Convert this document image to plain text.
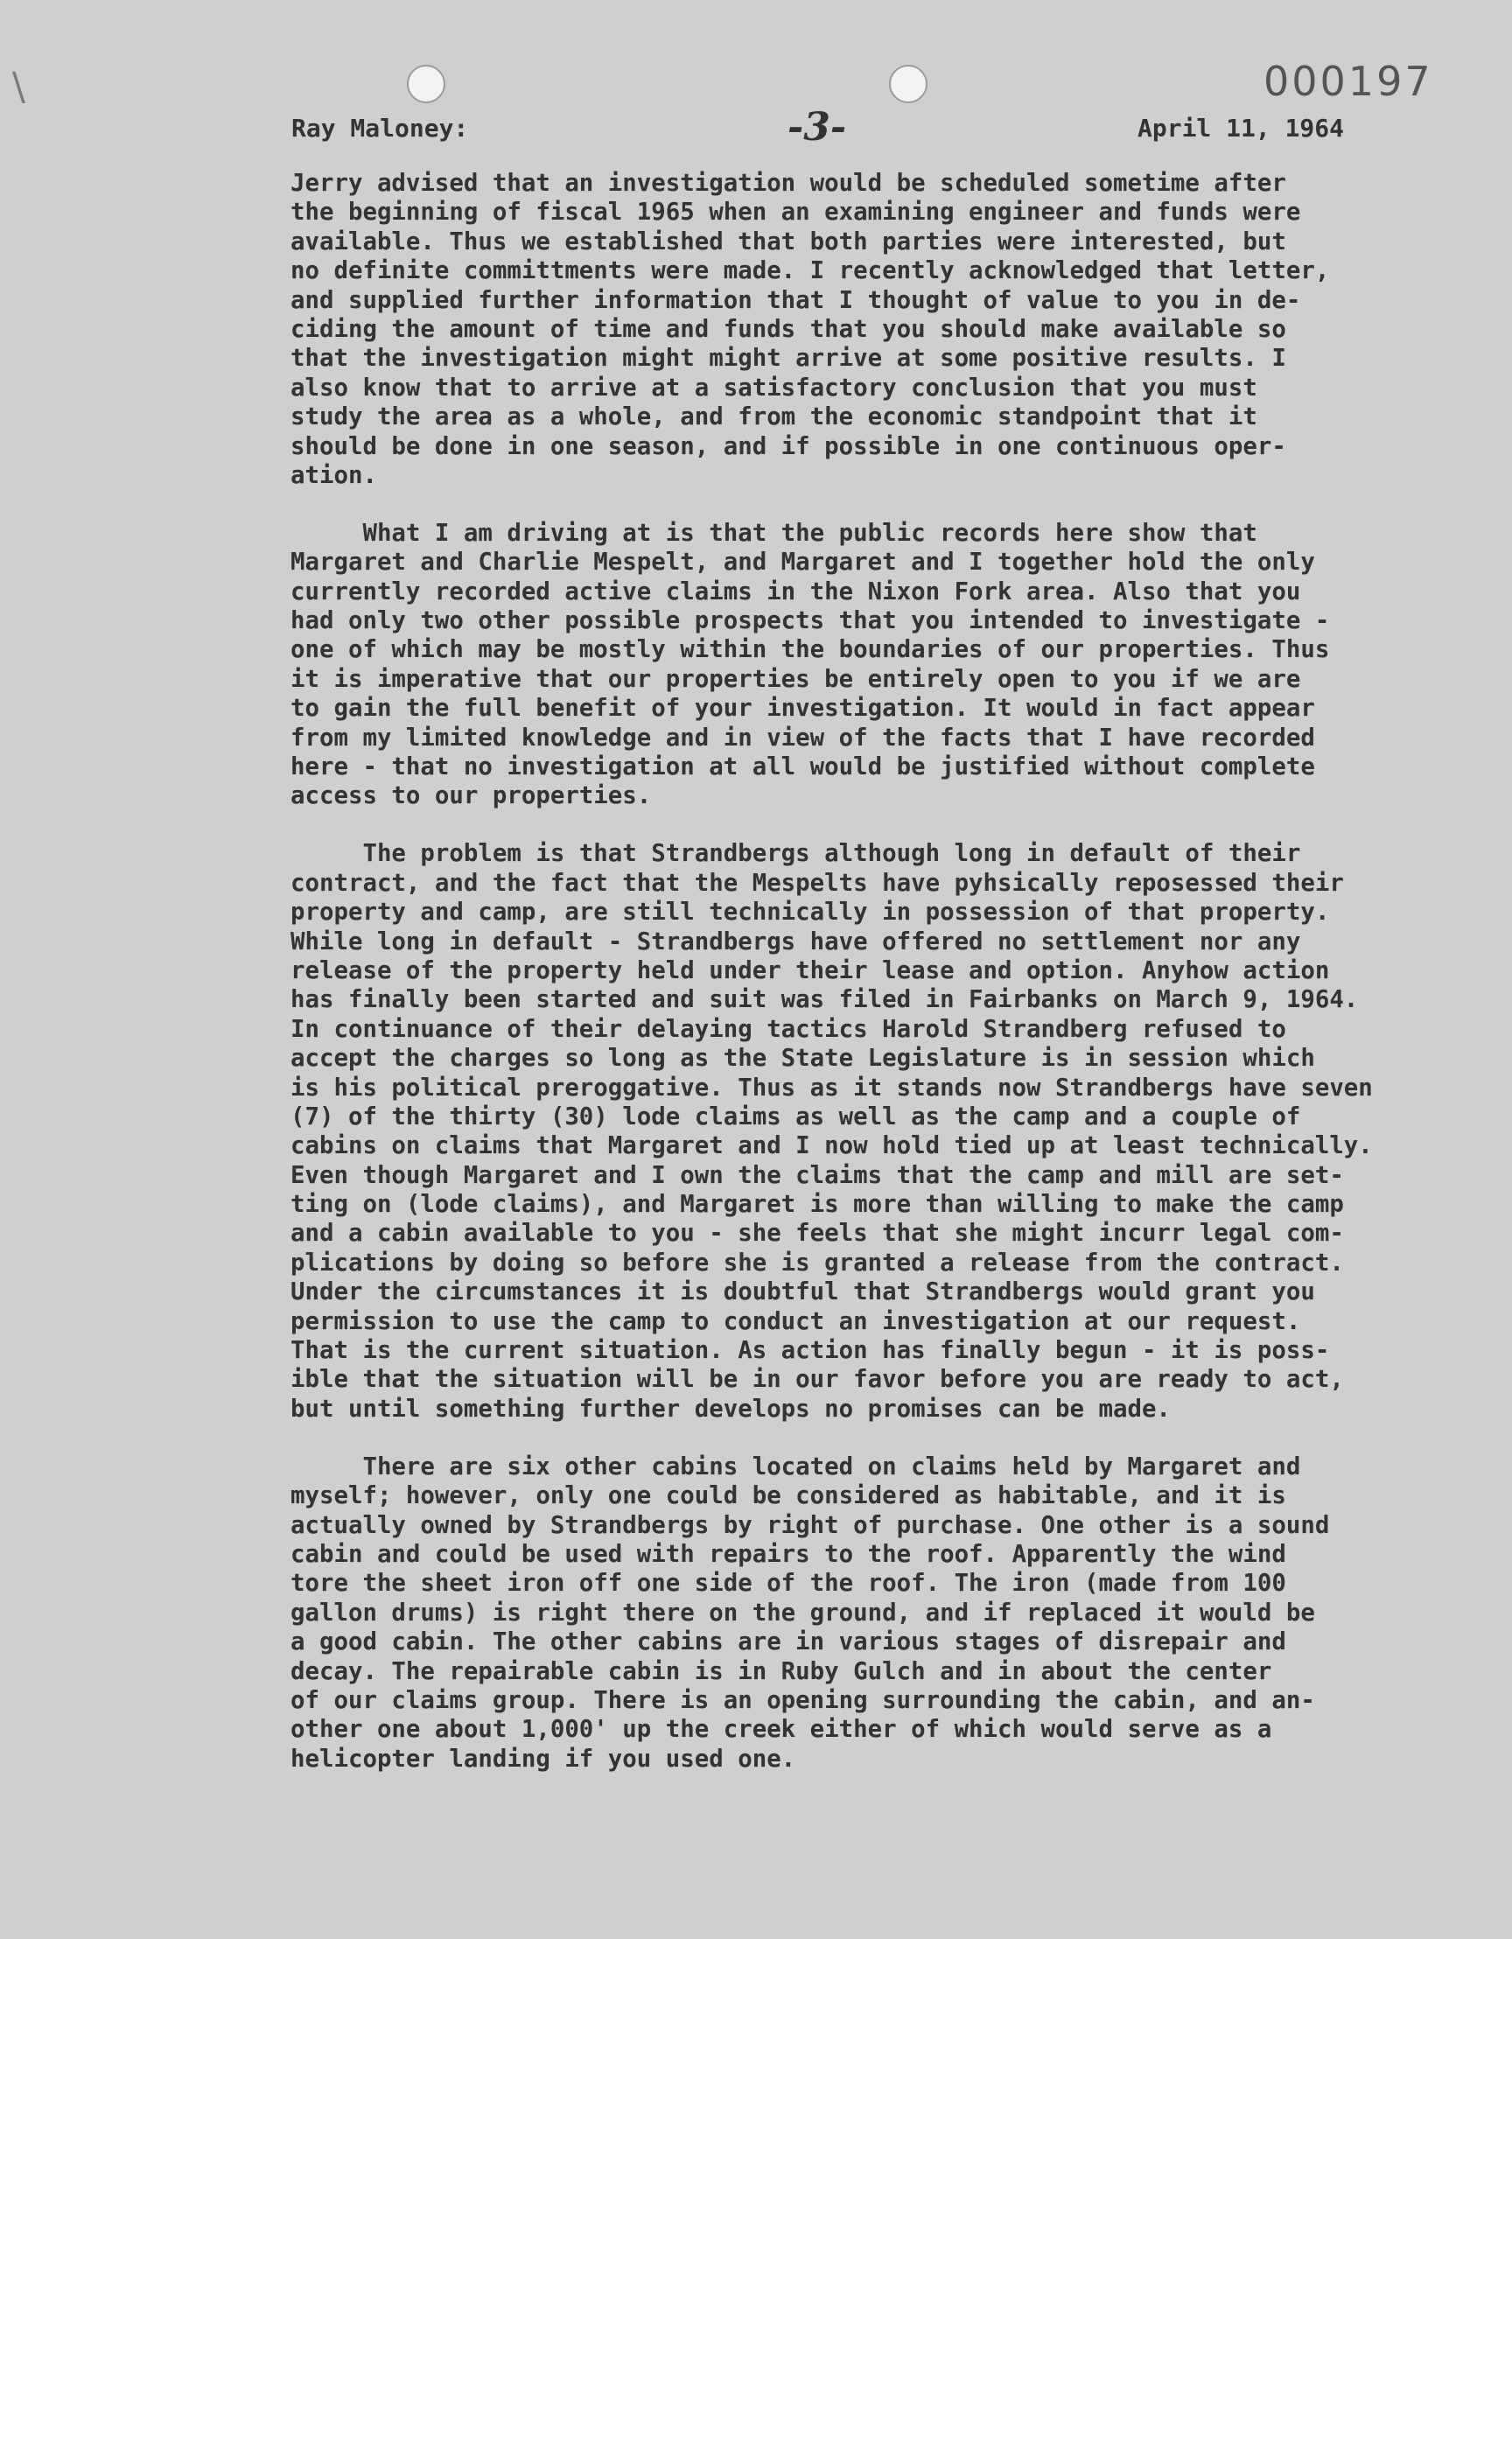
\	000197
Ray Maloney:	-3-	April 11, 1964
Jerry advised that an investigation would be scheduled sometime after
the beginning of fiscal 1965 when an examining engineer and funds were
available. Thus we established that both parties were interested, but
no definite committments were made. I recently acknowledged that letter,
and supplied further information that I thought of value to you in de-
ciding the amount of time and funds that you should make available so
that the investigation might might arrive at some positive results. I
also know that to arrive at a satisfactory conclusion that you must
study the area as a whole, and from the economic standpoint that it
should be done in one season, and if possible in one continuous oper-
ation.
What I am driving at is that the public records here show that
Margaret and Charlie Mespelt, and Margaret and I together hold the only
currently recorded active claims in the Nixon Fork area. Also that you
had only two other possible prospects that you intended to investigate -
one of which may be mostly within the boundaries of our properties. Thus
it is imperative that our properties be entirely open to you if we are
to gain the full benefit of your investigation. It would in fact appear
from my limited knowledge and in view of the facts that I have recorded
here - that no investigation at all would be justified without complete
access to our properties.
The problem is that Strandbergs although long in default of their
contract, and the fact that the Mespelts have pyhsically reposessed their
property and camp, are still technically in possession of that property.
While long in default - Strandbergs have offered no settlement nor any
release of the property held under their lease and option. Anyhow action
has finally been started and suit was filed in Fairbanks on March 9, 1964.
In continuance of their delaying tactics Harold Strandberg refused to
accept the charges so long as the State Legislature is in session which
is his political preroggative. Thus as it stands now Strandbergs have seven
(7) of the thirty (30) lode claims as well as the camp and a couple of
cabins on claims that Margaret and I now hold tied up at least technically.
Even though Margaret and I own the claims that the camp and mill are set-
ting on (lode claims), and Margaret is more than willing to make the camp
and a cabin available to you - she feels that she might incurr legal com-
plications by doing so before she is granted a release from the contract.
Under the circumstances it is doubtful that Strandbergs would grant you
permission to use the camp to conduct an investigation at our request.
That is the current situation. As action has finally begun - it is poss-
ible that the situation will be in our favor before you are ready to act,
but until something further develops no promises can be made.
There are six other cabins located on claims held by Margaret and
myself; however, only one could be considered as habitable, and it is
actually owned by Strandbergs by right of purchase. One other is a sound
cabin and could be used with repairs to the roof. Apparently the wind
tore the sheet iron off one side of the roof. The iron (made from 100
gallon drums) is right there on the ground, and if replaced it would be
a good cabin. The other cabins are in various stages of disrepair and
decay. The repairable cabin is in Ruby Gulch and in about the center
of our claims group. There is an opening surrounding the cabin, and an-
other one about 1,000' up the creek either of which would serve as a
helicopter landing if you used one.
